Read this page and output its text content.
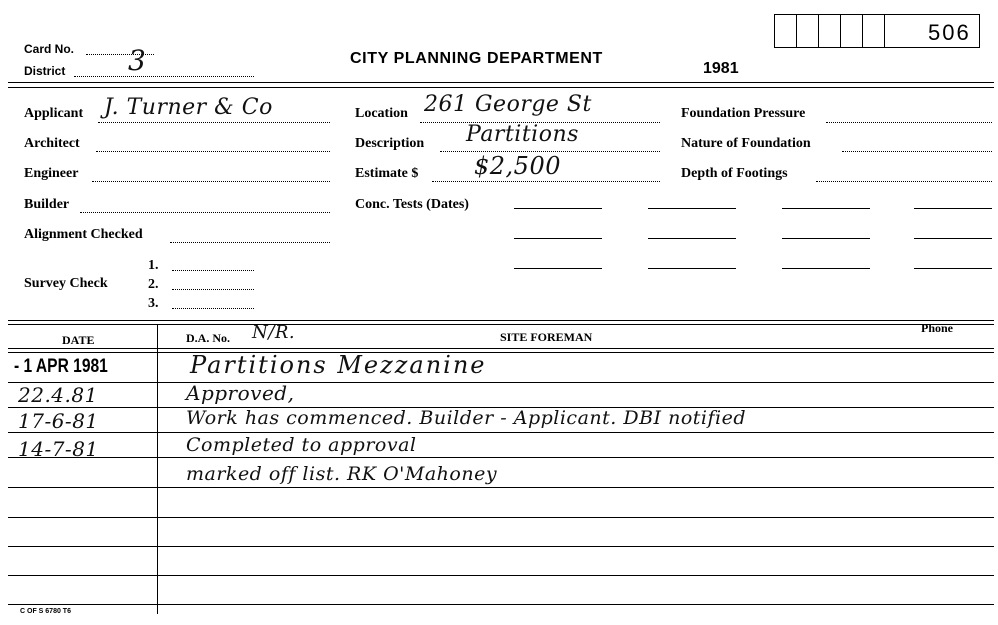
Card No.
District 3	CITY PLANNING DEPARTMENT
1981
506
Applicant J. Turner & Co
Architect
Engineer
Builder
Alignment Checked
Survey Check
1.
2.
3.
Location 261 George St
Description Partitions
Estimate $ $2,500
Conc. Tests (Dates)
Foundation Pressure
Nature of Foundation
Depth of Footings
DATE	D.A. No. N/R.	SITE FOREMAN
Phone
- 1 APR 1981	Partitions Mezzanine
22.4.81	Approved,
17-6-81	Work has commenced. Builder - Applicant. DBI notified
14-7-81	Completed to approval
marked off list. RK O'Mahoney
C OF S 6780 T6
